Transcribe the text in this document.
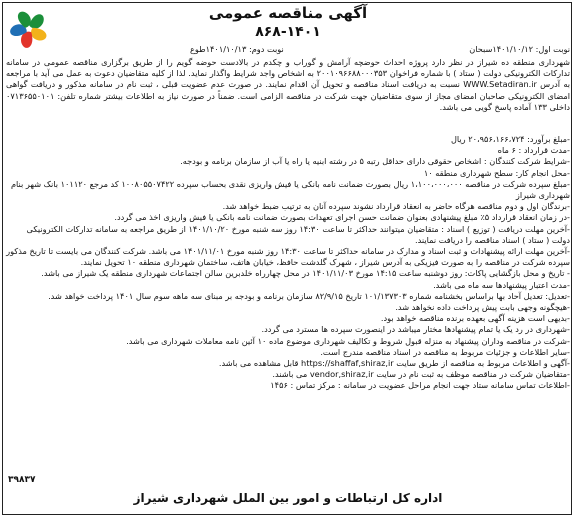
آگهی مناقصه عمومی
۸۶۸-۱۴۰۱
نوبت اول: ۱۴۰۱/۱۰/۱۲سبحان
نوبت دوم: ۱۴۰۱/۱۰/۱۳طوع
شهرداری منطقه ده شیراز در نظر دارد پروژه احداث حوضچه آرامش و گوراب و چکدم در بالادست حوضه گویم را از طریق برگزاری مناقصه عمومی در سامانه تدارکات الکترونیکی دولت ( ستاد ) با شماره فراخوان ۲۰۰۱۰۹۶۶۸۸۰۰۰۳۵۳ به اشخاص واجد شرایط واگذار نماید. لذا از کلیه متقاضیان دعوت به عمل می آید با مراجعه به آدرس WWW.Setadiran.ir نسبت به دریافت اسناد مناقصه و تحویل آن اقدام نمایند. در صورت عدم عضویت قبلی ، ثبت نام در سامانه مذکور و دریافت گواهی امضای الکترونیکی صاحبان امضای مجاز از سوی متقاضیان جهت شرکت در مناقصه الزامی است. ضمناً در صورت نیاز به اطلاعات بیشتر شماره تلفن: ۰۷۱۳۶۵۵۰۱۰۱ داخلی ۱۳۳ آماده پاسخ گویی می باشد.
-مبلغ برآورد: ۲۰،۹۵۶،۱۶۶،۷۲۴ ریال
-مدت قرارداد : ۶ ماه
-شرایط شرکت کنندگان : اشخاص حقوقی دارای حداقل رتبه ۵ در رشته ابنیه یا راه یا آب از سازمان برنامه و بودجه.
-محل انجام کار: سطح شهرداری منطقه ۱۰
-مبلغ سپرده شرکت در مناقصه ۱،۱۰۰،۰۰۰،۰۰۰ ریال بصورت ضمانت نامه بانکی یا فیش واریزی نقدی بحساب سپرده ۱۰۰۸۰۵۵۰۷۴۲۲ کد مرجع ۱۰۱۱۲۰ بانک شهر بنام شهرداری شیراز
-برندگان اول و دوم مناقصه هرگاه حاضر به انعقاد قرارداد نشوند سپرده آنان به ترتیب ضبط خواهد شد.
-در زمان انعقاد قرارداد ۵٪ مبلغ پیشنهادی بعنوان ضمانت حسن اجرای تعهدات بصورت ضمانت نامه بانکی یا فیش واریزی اخذ می گردد.
-آخرین مهلت دریافت ( توزیع ) اسناد : متقاضیان میتوانند حداکثر تا ساعت ۱۴:۳۰ روز سه شنبه مورخ ۱۴۰۱/۱۰/۲۰ از طریق مراجعه به سامانه تدارکات الکترونیکی دولت ( ستاد ) اسناد مناقصه را دریافت نمایند.
-آخرین مهلت ارائه پیشنهادات و ثبت اسناد و مدارک در سامانه حداکثر تا ساعت ۱۴:۳۰ روز شنبه مورخ ۱۴۰۱/۱۱/۰۱ می باشد. شرکت کنندگان می بایست تا تاریخ مذکور سپرده شرکت در مناقصه را به صورت فیزیکی به آدرس شیراز ، شهرک گلدشت حافظ، خیابان هاتف، ساختمان شهرداری منطقه ۱۰ تحویل نمایند.
- تاریخ و محل بازگشایی پاکات: روز دوشنبه ساعت ۱۴:۱۵ مورخ ۱۴۰۱/۱۱/۰۳ در محل چهارراه خلدبرین سالن اجتماعات شهرداری منطقه یک شیراز می باشد.
-مدت اعتبار پیشنهادها سه ماه می باشد.
-تعدیل: تعدیل آحاد بها براساس بخشنامه شماره ۱۰۱/۱۳۷۳۰۳ تاریخ ۸۲/۹/۱۵ سازمان برنامه و بودجه بر مبنای سه ماهه سوم سال ۱۴۰۱ پرداخت خواهد شد.
-هیچگونه وجهی بابت پیش پرداخت داده نخواهد شد.
-بدیهی است هزینه آگهی بعهده برنده مناقصه خواهد بود.
-شهرداری در رد یک یا تمام پیشنهادها مختار میباشد در اینصورت سپرده ها مسترد می گردد.
-شرکت در مناقصه وداران پیشنهاد به منزله قبول شروط و تکالیف شهرداری موضوع ماده ۱۰ آئین نامه معاملات شهرداری می باشد.
-سایر اطلاعات و جزئیات مربوط به مناقصه در اسناد مناقصه مندرج است.
-آگهی و اطلاعات مربوط به مناقصه از طریق سایت https://shaffaf,shiraz,ir قابل مشاهده می باشد.
-متقاضیان شرکت در مناقصه موظف به ثبت نام در سایت vendor,shiraz,ir می باشند.
-اطلاعات تماس سامانه ستاد جهت انجام مراحل عضویت در سامانه : مرکز تماس : ۱۴۵۶
۳۹۸۳۷
اداره کل ارتباطات و امور بین الملل شهرداری شیراز
